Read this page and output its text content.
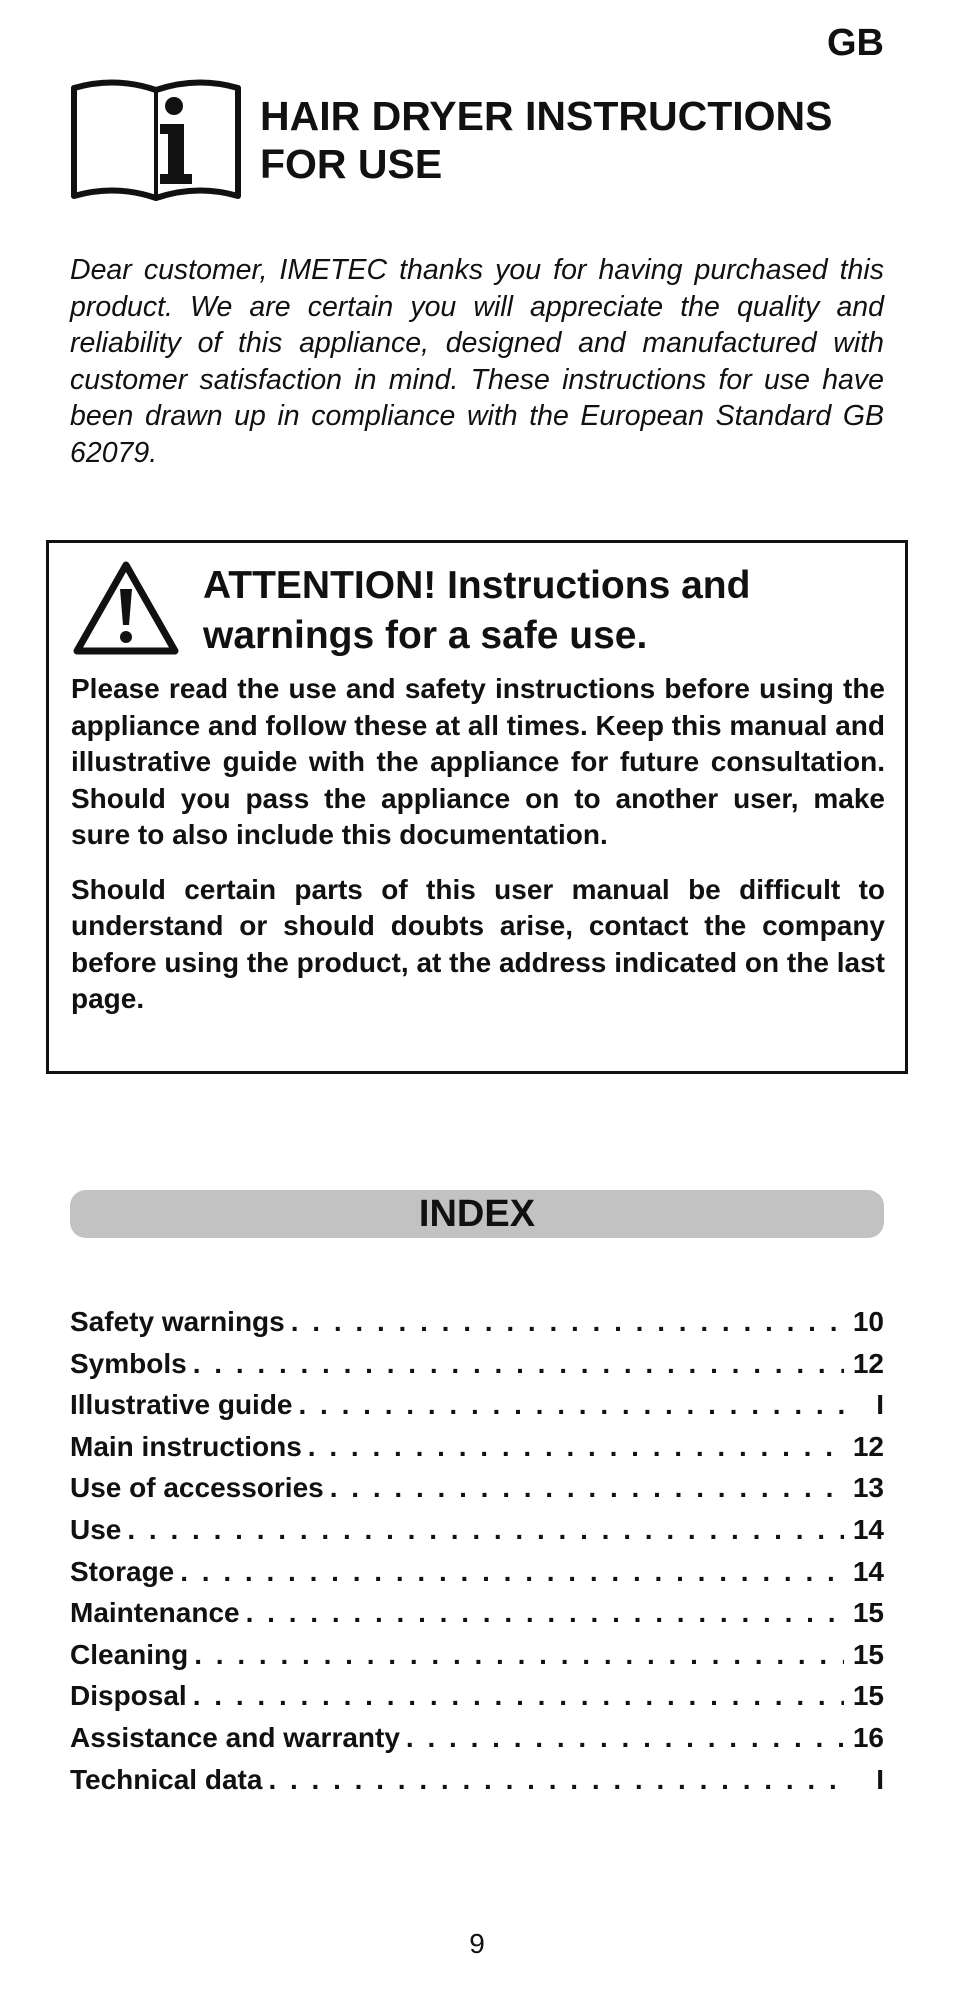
GB
HAIR DRYER INSTRUCTIONS
FOR USE
Dear customer, IMETEC thanks you for having purchased this product. We are certain you will appreciate the quality and reliability of this appliance, designed and manufactured with customer satisfaction in mind. These instructions for use have been drawn up in compliance with the European Standard GB 62079.
ATTENTION! Instructions and warnings for a safe use.

Please read the use and safety instructions before using the appliance and follow these at all times. Keep this manual and illustrative guide with the appliance for future consultation. Should you pass the appliance on to another user, make sure to also include this documentation.

Should certain parts of this user manual be difficult to understand or should doubts arise, contact the company before using the product, at the address indicated on the last page.

INDEX
Safety warnings . . .	10
Symbols . . .	12
Illustrative guide . . .	I
Main instructions . . .	12
Use of accessories . . .	13
Use . . .	14
Storage . . .	14
Maintenance . . .	15
Cleaning . . .	15
Disposal . . .	15
Assistance and warranty . . .	16
Technical data . . .	I
9
